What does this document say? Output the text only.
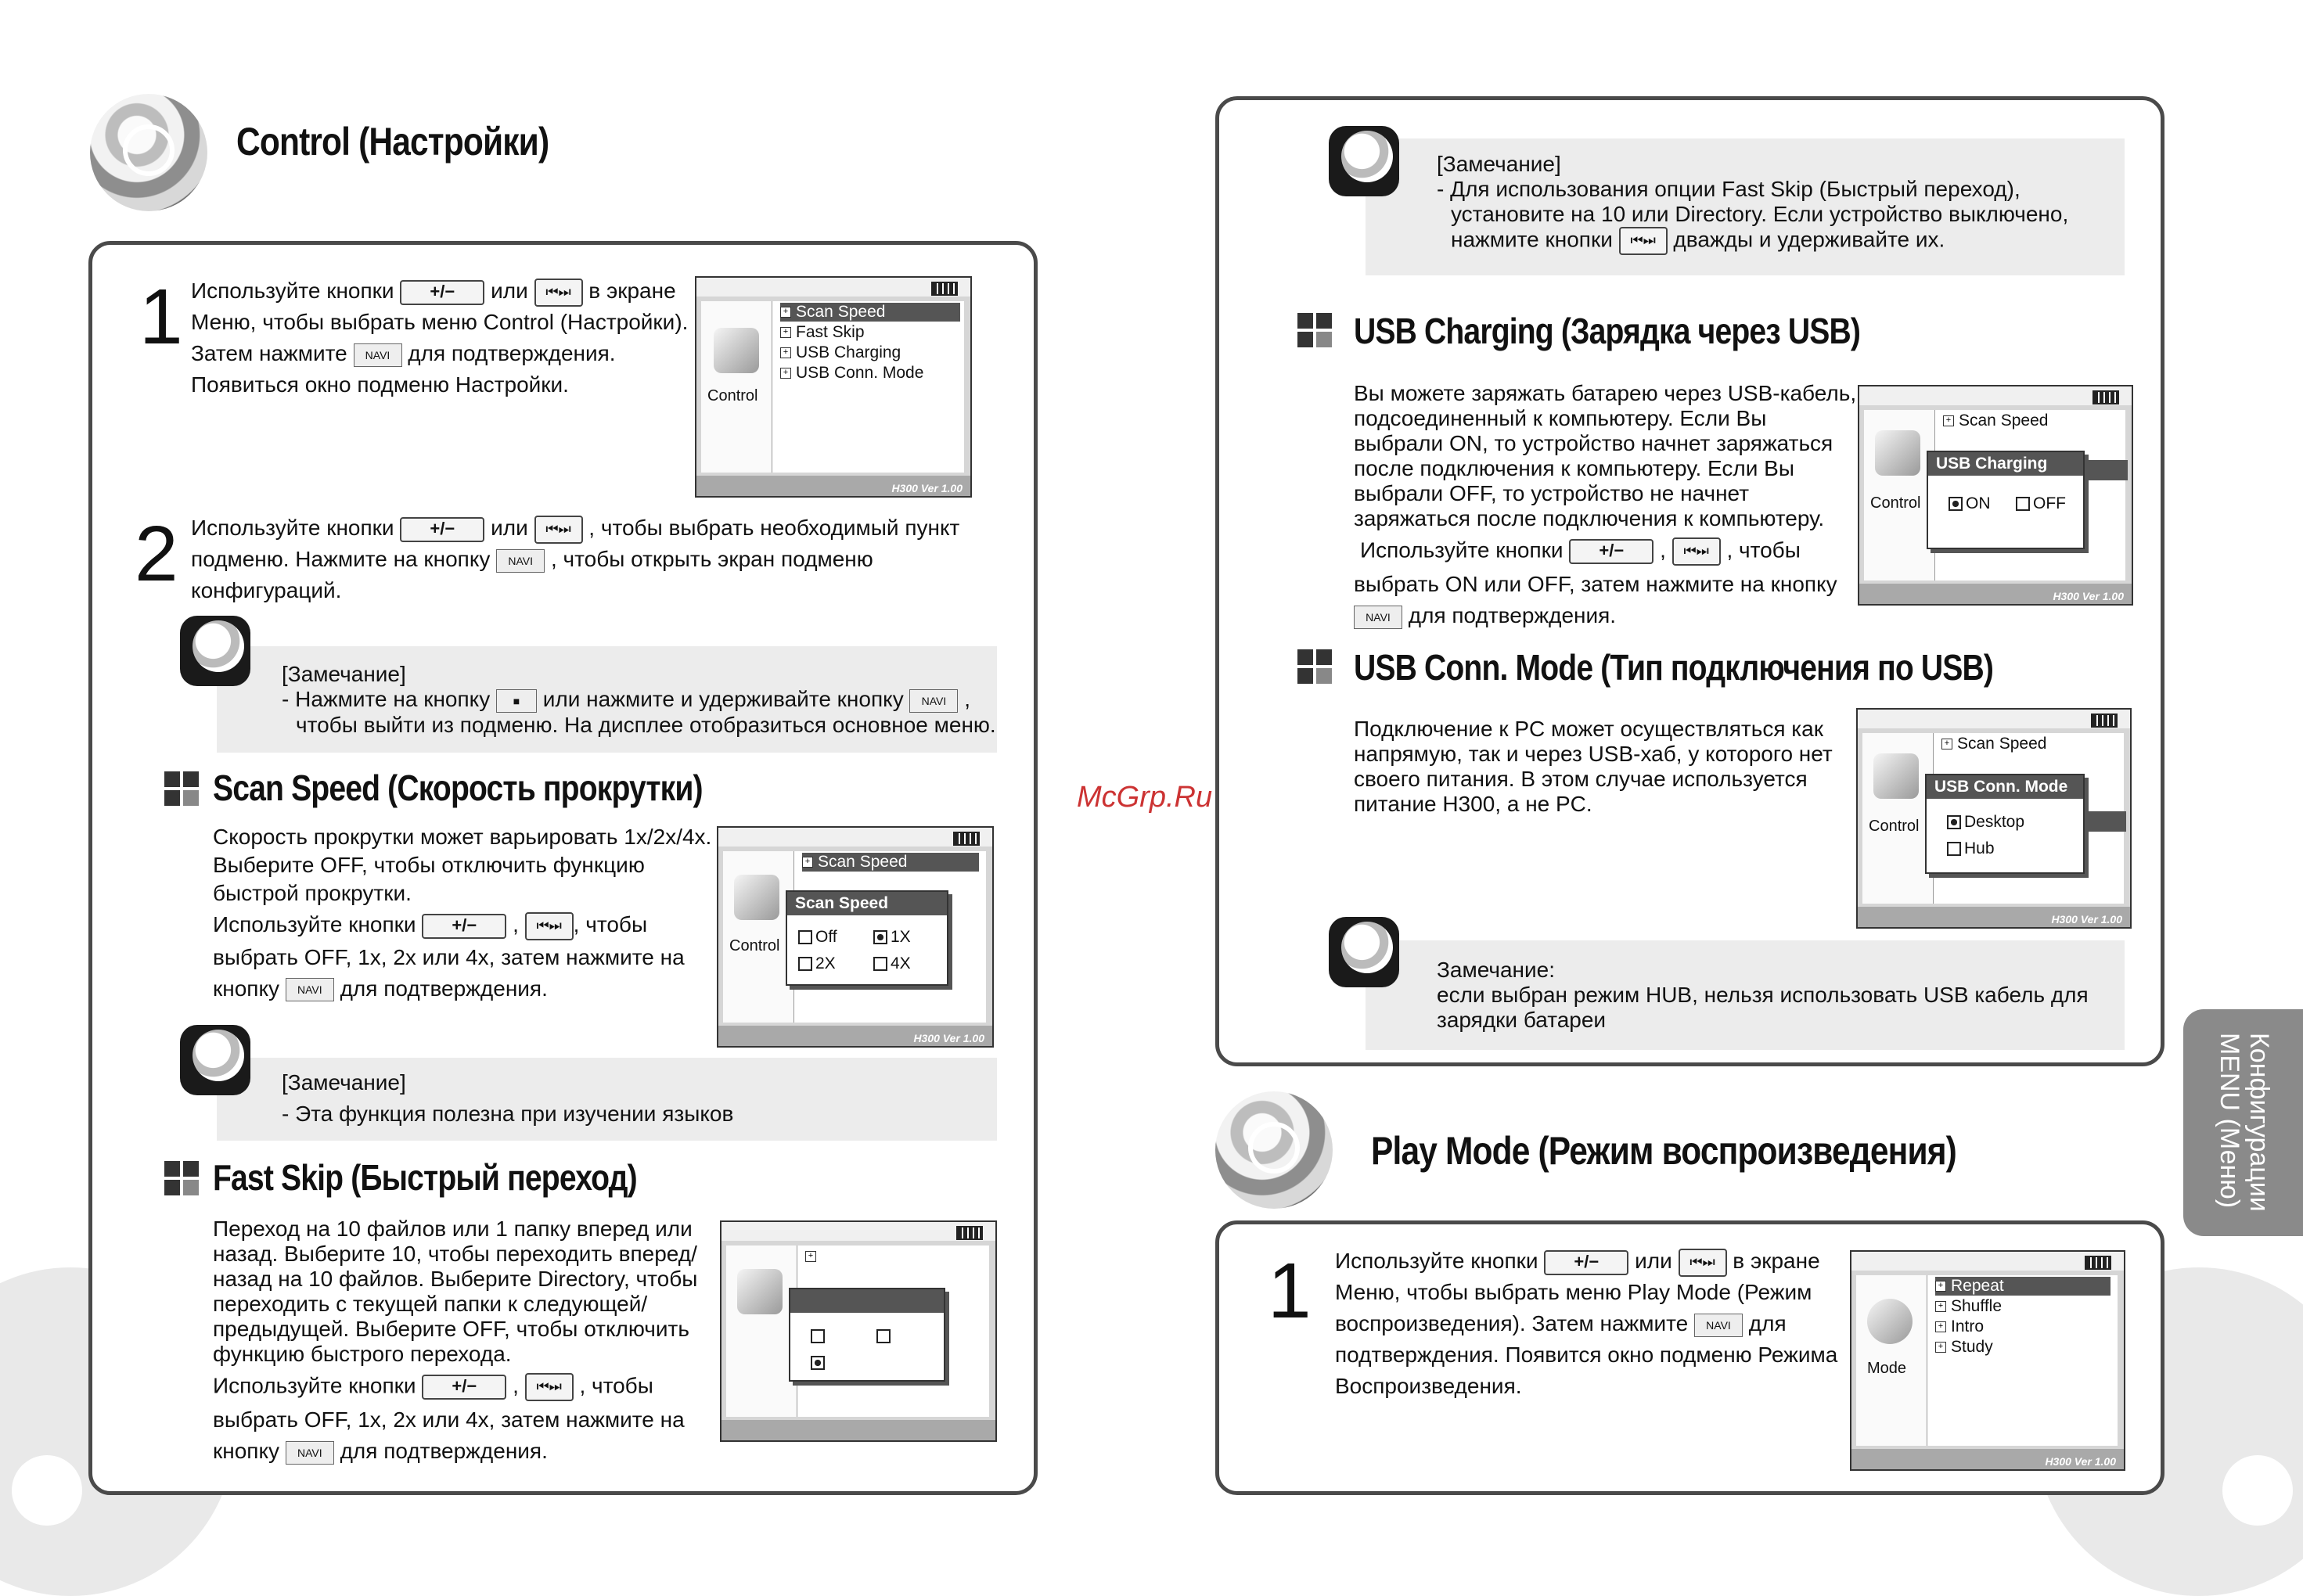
Control (Настройки)
1 Используйте кнопки +/− или ⏮⏭ в экране
Меню, чтобы выбрать меню Control (Настройки).
Затем нажмите NAVI для подтверждения.
Появиться окно подменю Настройки.	Control
+ Scan Speed
+ Fast Skip
+ USB Charging
+ USB Conn. Mode
H300 Ver 1.00
2 Используйте кнопки +/− или ⏮⏭ , чтобы выбрать необходимый пункт
подменю. Нажмите на кнопку NAVI , чтобы открыть экран подменю
конфигураций.
[Замечание]
- Нажмите на кнопку ■ или нажмите и удерживайте кнопку NAVI ,
чтобы выйти из подменю. На дисплее отобразиться основное меню.
Scan Speed (Скорость прокрутки)
Скорость прокрутки может варьировать 1x/2x/4x.
Выберите OFF, чтобы отключить функцию
быстрой прокрутки.
Используйте кнопки +/− , ⏮⏭ , чтобы
выбрать OFF, 1x, 2x или 4x, затем нажмите на
кнопку NAVI для подтверждения.
Control
+ Scan Speed
Scan Speed
Off	1X
2X	4X
H300 Ver 1.00
[Замечание]
- Эта функция полезна при изучении языков
Fast Skip (Быстрый переход)
Переход на 10 файлов или 1 папку вперед или
назад. Выберите 10, чтобы переходить вперед/
назад на 10 файлов. Выберите Directory, чтобы
переходить с текущей папки к следующей/
предыдущей. Выберите OFF, чтобы отключить
функцию быстрого перехода.
Используйте кнопки +/− , ⏮⏭ , чтобы
выбрать OFF, 1x, 2x или 4x, затем нажмите на
кнопку NAVI для подтверждения.
+
McGrp.Ru
[Замечание]
- Для использования опции Fast Skip (Быстрый переход),
установите на 10 или Directory. Если устройство выключено,
нажмите кнопки ⏮⏭ дважды и удерживайте их.
USB Charging (Зарядка через USB)
Вы можете заряжать батарею через USB-кабель,
подсоединенный к компьютеру. Если Вы
выбрали ON, то устройство начнет заряжаться
после подключения к компьютеру. Если Вы
выбрали OFF, то устройство не начнет
заряжаться после подключения к компьютеру.
Используйте кнопки +/− , ⏮⏭ , чтобы
выбрать ON или OFF, затем нажмите на кнопку
NAVI для подтверждения.
Control
+ Scan Speed
USB Charging
ON	OFF
H300 Ver 1.00
USB Conn. Mode (Тип подключения по USB)
Подключение к PC может осуществляться как
напрямую, так и через USB-хаб, у которого нет
своего питания. В этом случае используется
питание H300, а не PC.
Control
+ Scan Speed
USB Conn. Mode
Desktop
Hub
H300 Ver 1.00
Замечание:
если выбран режим HUB, нельзя использовать USB кабель для
зарядки батареи
Play Mode (Режим воспроизведения)
1 Используйте кнопки +/− или ⏮⏭ в экране
Меню, чтобы выбрать меню Play Mode (Режим
воспроизведения). Затем нажмите NAVI для
подтверждения. Появится окно подменю Режима
Воспроизведения.
Mode
+ Repeat
+ Shuffle
+ Intro
+ Study
H300 Ver 1.00
Конфигурации
MENU (Меню)
